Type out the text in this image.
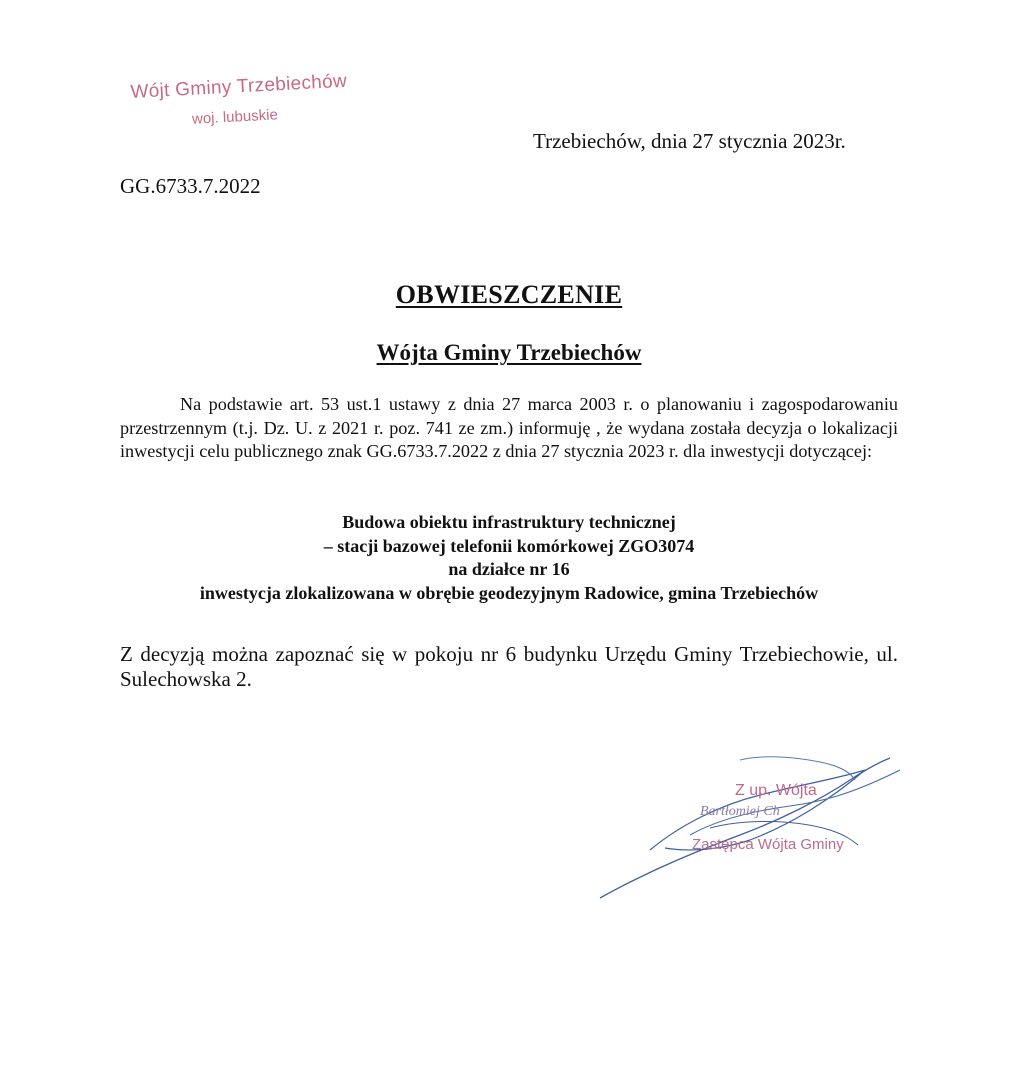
Wójt Gminy Trzebiechów
woj. lubuskie
Trzebiechów, dnia 27 stycznia 2023r.
GG.6733.7.2022
OBWIESZCZENIE
Wójta Gminy Trzebiechów

Na podstawie art. 53 ust.1 ustawy z dnia 27 marca 2003 r. o planowaniu i zagospodarowaniu przestrzennym (t.j. Dz. U. z 2021 r. poz. 741 ze zm.) informuję , że wydana została decyzja o lokalizacji inwestycji celu publicznego znak GG.6733.7.2022 z dnia 27 stycznia 2023 r. dla inwestycji dotyczącej:

Budowa obiektu infrastruktury technicznej
– stacji bazowej telefonii komórkowej ZGO3074
na działce nr 16
inwestycja zlokalizowana w obrębie geodezyjnym Radowice, gmina Trzebiechów

Z decyzją można zapoznać się w pokoju nr 6 budynku Urzędu Gminy Trzebiechowie, ul. Sulechowska 2.

Z up. Wójta
Bartłomiej Ch
Zastępca Wójta Gminy
